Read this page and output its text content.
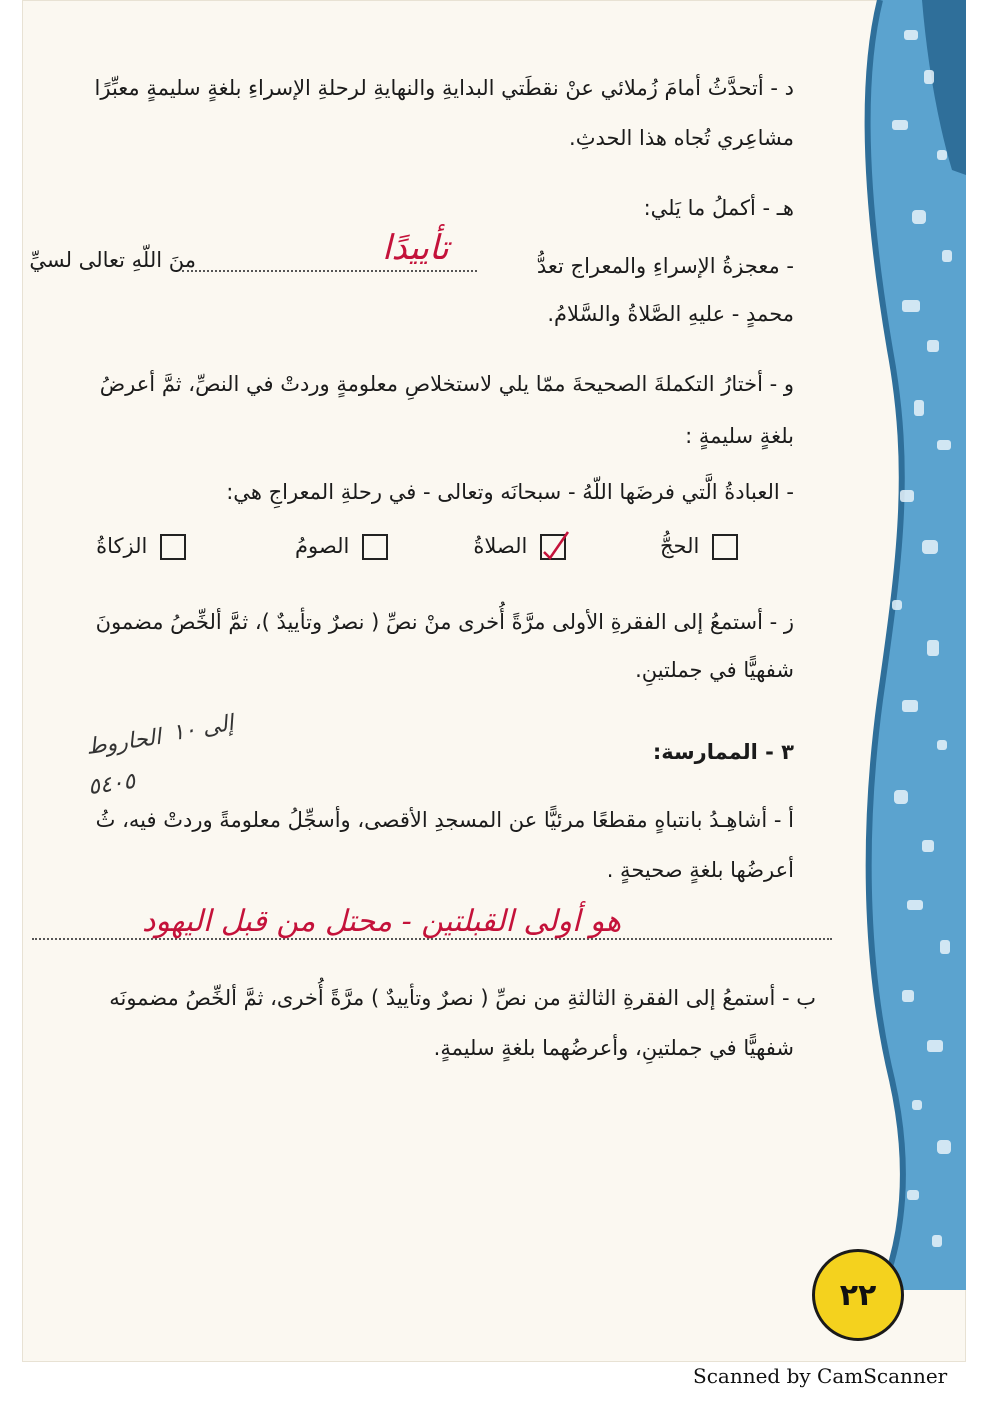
د - أتحدَّثُ أمامَ زُملائي عنْ نقطَتي البدايةِ والنهايةِ لرحلةِ الإسراءِ بلغةٍ سليمةٍ معبِّرًا
مشاعِري تُجاه هذا الحدثِ.
هـ - أكملُ ما يَلي:
- معجزةُ الإسراءِ والمعراج تعدُّ
منَ اللّهِ تعالى لسيِّ
محمدٍ - عليهِ الصَّلاةُ والسَّلامُ.
تأييدًا
و - أختارُ التكملةَ الصحيحةَ ممّا يلي لاستخلاصِ معلومةٍ وردتْ في النصِّ، ثمَّ أعرضُ
بلغةٍ سليمةٍ :
- العبادةُ الَّتي فرضَها اللّهُ - سبحانَه وتعالى - في رحلةِ المعراجِ هي:
الحجُّ
الصلاةُ
الصومُ
الزكاةُ
ز - أستمعُ إلى الفقرةِ الأولى مرَّةً أُخرى منْ نصِّ ( نصرٌ وتأييدٌ )، ثمَّ ألخِّصُ مضمونَ
شفهيًّا في جملتينِ.
٣ - الممارسة:
الحاروط إلى ١٠
٥٤٠٥
أ - أشاهِـدُ بانتباهٍ مقطعًا مرئيًّا عن المسجدِ الأقصى، وأسجِّلُ معلومةً وردتْ فيه، ثُ
أعرضُها بلغةٍ صحيحةٍ .
هو أولى القبلتين - محتل من قبل اليهود
ب - أستمعُ إلى الفقرةِ الثالثةِ من نصِّ ( نصرٌ وتأييدٌ ) مرَّةً أُخرى، ثمَّ ألخِّصُ مضمونَه
شفهيًّا في جملتينِ، وأعرضُهما بلغةٍ سليمةٍ.
٢٢
Scanned by CamScanner
